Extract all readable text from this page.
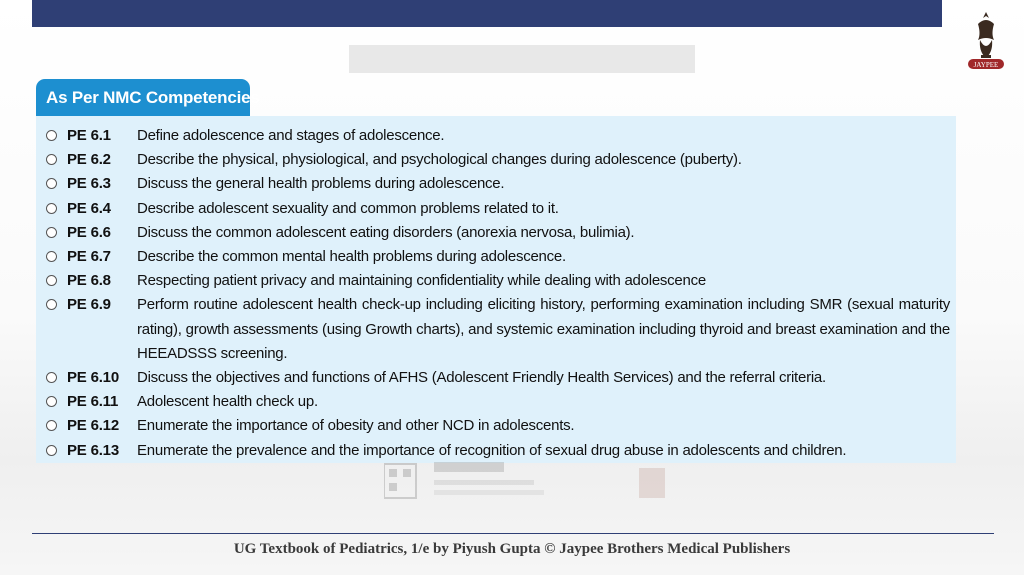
JAYPEE
As Per NMC Competencies
PE 6.1	Define adolescence and stages of adolescence.
PE 6.2	Describe the physical, physiological, and psychological changes during adolescence (puberty).
PE 6.3	Discuss the general health problems during adolescence.
PE 6.4	Describe adolescent sexuality and common problems related to it.
PE 6.6	Discuss the common adolescent eating disorders (anorexia nervosa, bulimia).
PE 6.7	Describe the common mental health problems during adolescence.
PE 6.8	Respecting patient privacy and maintaining confidentiality while dealing with adolescence
PE 6.9	Perform routine adolescent health check-up including eliciting history, performing examination including SMR (sexual maturity rating), growth assessments (using Growth charts), and systemic examination including thyroid and breast examination and the HEEADSSS screening.
PE 6.10	Discuss the objectives and functions of AFHS (Adolescent Friendly Health Services) and the referral criteria.
PE 6.11	Adolescent health check up.
PE 6.12	Enumerate the importance of obesity and other NCD in adolescents.
PE 6.13	Enumerate the prevalence and the importance of recognition of sexual drug abuse in adolescents and children.
UG Textbook of Pediatrics, 1/e by Piyush Gupta © Jaypee Brothers Medical Publishers
